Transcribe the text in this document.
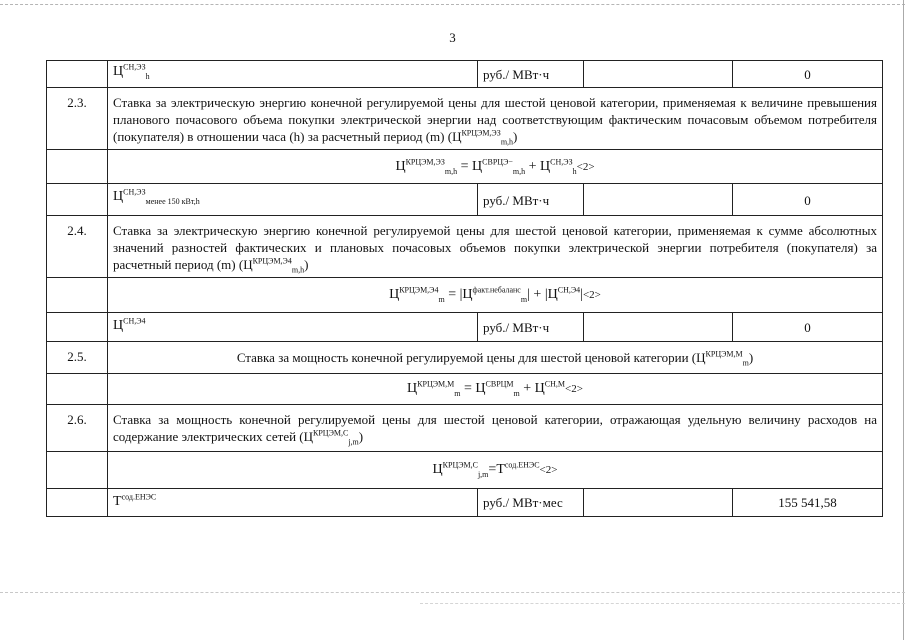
3
$Ц^{СН,ЭЗ}_h$	руб./ МВт·ч	0
2.3.	Ставка за электрическую энергию конечной регулируемой цены для шестой ценовой категории, применяемая к величине превышения планового почасового объема покупки электрической энергии над соответствующим фактическим почасовым объемом потребителя (покупателя) в отношении часа (h) за расчетный период (m) $(Ц^{КРЦЭМ,ЭЗ}_{m,h})$
$Ц^{КРЦЭМ,ЭЗ}_{m,h} = Ц^{СВРЦЭ-}_{m,h} + Ц^{СН,ЭЗ}_h<2>$
$Ц^{СН,ЭЗ}_{менее 150 кВт,h}$	руб./ МВт·ч	0
2.4.	Ставка за электрическую энергию конечной регулируемой цены для шестой ценовой категории, применяемая к сумме абсолютных значений разностей фактических и плановых почасовых объемов покупки электрической энергии потребителя (покупателя) за расчетный период (m) $(Ц^{КРЦЭМ,Э4}_{m,h})$
$Ц^{КРЦЭМ,Э4}_m = |Ц^{факт.небаланс}_m| + |Ц^{СН,Э4}|<2>$
$Ц^{СН,Э4}$	руб./ МВт·ч	0
2.5.	Ставка за мощность конечной регулируемой цены для шестой ценовой категории $(Ц^{КРЦЭМ,М}_m)$
$Ц^{КРЦЭМ,М}_m = Ц^{СВРЦМ}_m + Ц^{СН,М}<2>$
2.6.	Ставка за мощность конечной регулируемой цены для шестой ценовой категории, отражающая удельную величину расходов на содержание электрических сетей $(Ц^{КРЦЭМ,С}_{j,m})$
$Ц^{КРЦЭМ,С}_{j,m}=Т^{сод.ЕНЭС}<2>$
$Т^{сод.ЕНЭС}$	руб./ МВт·мес	155 541,58
